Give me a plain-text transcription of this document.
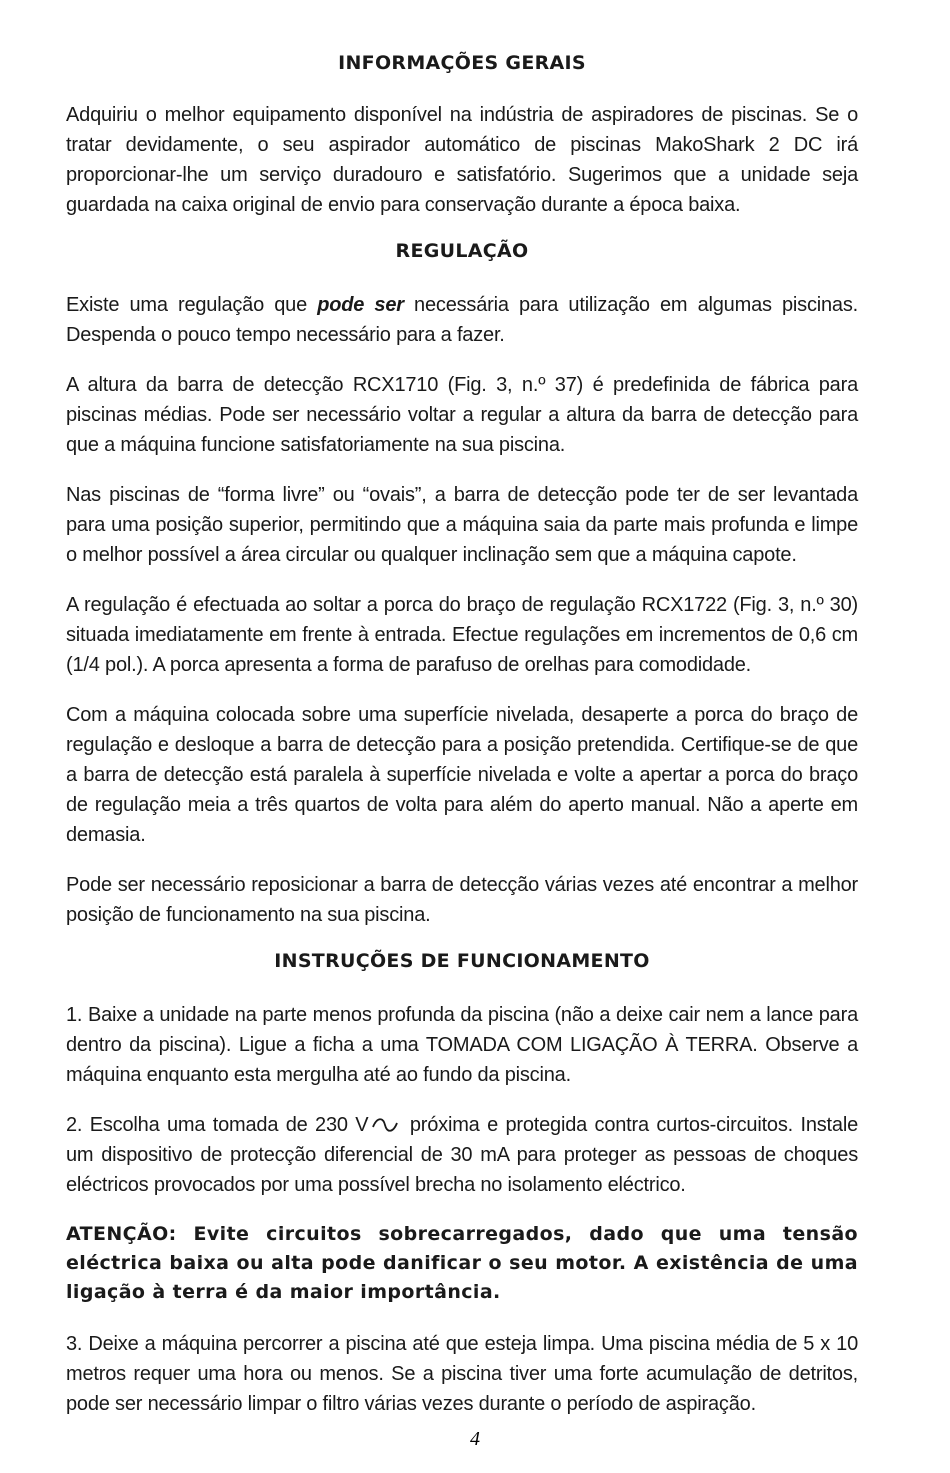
INFORMAÇÕES GERAIS

Adquiriu o melhor equipamento disponível na indústria de aspiradores de piscinas. Se o tratar devidamente, o seu aspirador automático de piscinas MakoShark 2 DC irá proporcionar-lhe um serviço duradouro e satisfatório. Sugerimos que a unidade seja guardada na caixa original de envio para conservação durante a época baixa.

REGULAÇÃO

Existe uma regulação que pode ser necessária para utilização em algumas piscinas. Despenda o pouco tempo necessário para a fazer.

A altura da barra de detecção RCX1710 (Fig. 3, n.º 37) é predefinida de fábrica para piscinas médias. Pode ser necessário voltar a regular a altura da barra de detecção para que a máquina funcione satisfatoriamente na sua piscina.

Nas piscinas de “forma livre” ou “ovais”, a barra de detecção pode ter de ser levantada para uma posição superior, permitindo que a máquina saia da parte mais profunda e limpe o melhor possível a área circular ou qualquer inclinação sem que a máquina capote.

A regulação é efectuada ao soltar a porca do braço de regulação RCX1722 (Fig. 3, n.º 30) situada imediatamente em frente à entrada. Efectue regulações em incrementos de 0,6 cm (1/4 pol.). A porca apresenta a forma de parafuso de orelhas para comodidade.

Com a máquina colocada sobre uma superfície nivelada, desaperte a porca do braço de regulação e desloque a barra de detecção para a posição pretendida. Certifique-se de que a barra de detecção está paralela à superfície nivelada e volte a apertar a porca do braço de regulação meia a três quartos de volta para além do aperto manual. Não a aperte em demasia.

Pode ser necessário reposicionar a barra de detecção várias vezes até encontrar a melhor posição de funcionamento na sua piscina.

INSTRUÇÕES DE FUNCIONAMENTO

1. Baixe a unidade na parte menos profunda da piscina (não a deixe cair nem a lance para dentro da piscina). Ligue a ficha a uma TOMADA COM LIGAÇÃO À TERRA. Observe a máquina enquanto esta mergulha até ao fundo da piscina.

2. Escolha uma tomada de 230 V próxima e protegida contra curtos-circuitos. Instale um dispositivo de protecção diferencial de 30 mA para proteger as pessoas de choques eléctricos provocados por uma possível brecha no isolamento eléctrico.

ATENÇÃO: Evite circuitos sobrecarregados, dado que uma tensão eléctrica baixa ou alta pode danificar o seu motor. A existência de uma ligação à terra é da maior importância.

3. Deixe a máquina percorrer a piscina até que esteja limpa. Uma piscina média de 5 x 10 metros requer uma hora ou menos. Se a piscina tiver uma forte acumulação de detritos, pode ser necessário limpar o filtro várias vezes durante o período de aspiração.

4
